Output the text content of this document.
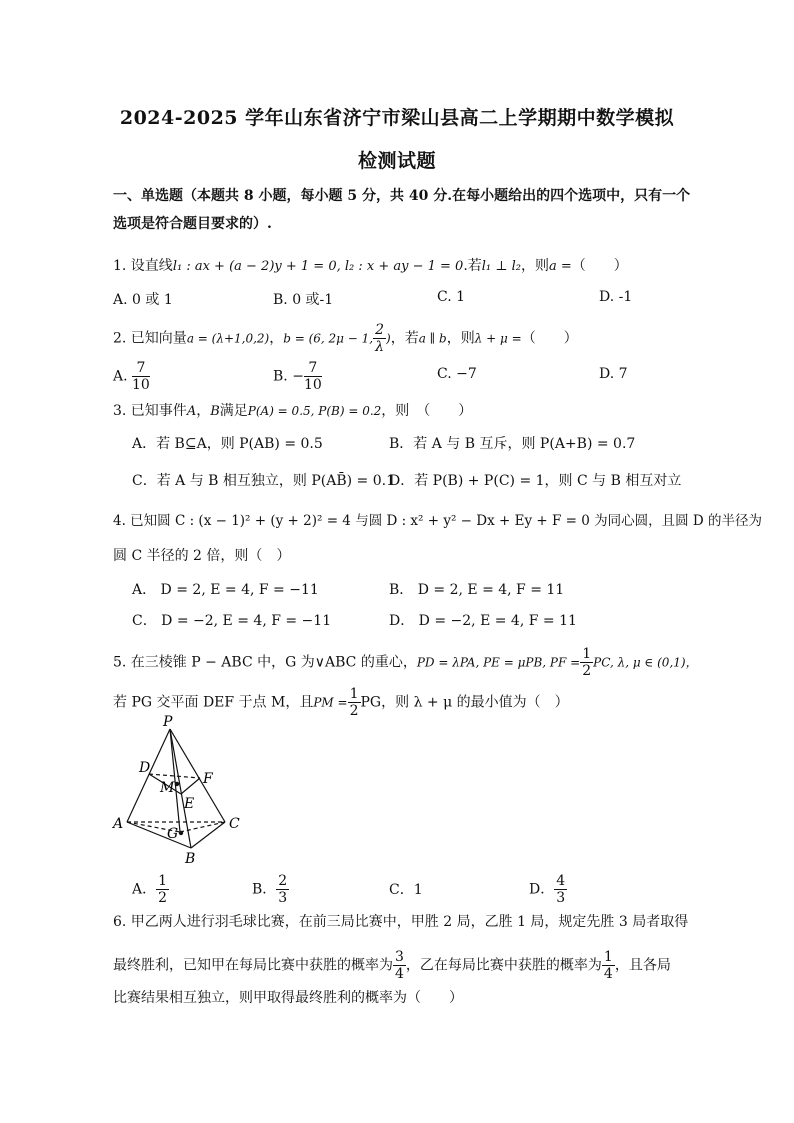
2024-2025 学年山东省济宁市梁山县高二上学期期中数学模拟
检测试题
一、单选题（本题共 8 小题，每小题 5 分，共 40 分.在每小题给出的四个选项中，只有一个
选项是符合题目要求的）.
1. 设直线l₁ : ax + (a − 2)y + 1 = 0, l₂ : x + ay − 1 = 0.若l₁ ⊥ l₂，则a =（　　）
A. 0 或 1	B. 0 或-1	C. 1	D. -1
2. 已知向量a = (λ+1,0,2)，b = (6, 2μ − 1, $\frac{2}{\lambda}$ )，若a ∥ b，则λ + μ =（　　）
A. $\frac{7}{10}$	B. − $\frac{7}{10}$	C. −7	D. 7
3. 已知事件A，B满足P(A) = 0.5, P(B) = 0.2，则　（　　）
A．若 B⊆A，则 P(AB) = 0.5	B．若 A 与 B 互斥，则 P(A+B) = 0.7
C．若 A 与 B 相互独立，则 P(AB̄) = 0.1
D．若 P(B) + P(C) = 1，则 C 与 B 相互对立
4. 已知圆 C : (x − 1)² + (y + 2)² = 4 与圆 D : x² + y² − Dx + Ey + F = 0 为同心圆，且圆 D 的半径为
圆 C 半径的 2 倍，则（　）
A． D = 2, E = 4, F = −11	B． D = 2, E = 4, F = 11
C． D = −2, E = 4, F = −11	D． D = −2, E = 4, F = 11
5. 在三棱锥 P − ABC 中，G 为∨ABC 的重心，PD = λPA, PE = μPB, PF = $\frac{1}{2}$ PC, λ, μ ∈ (0,1)，
若 PG 交平面 DEF 于点 M，且PM = $\frac{1}{2}$ PG，则 λ + μ 的最小值为（　）
P
D
F
M
E
A	C
G
B
A． $\frac{1}{2}$	B． $\frac{2}{3}$	C．1	D． $\frac{4}{3}$
6. 甲乙两人进行羽毛球比赛，在前三局比赛中，甲胜 2 局，乙胜 1 局，规定先胜 3 局者取得
最终胜利，已知甲在每局比赛中获胜的概率为 $\frac{3}{4}$ ，乙在每局比赛中获胜的概率为 $\frac{1}{4}$ ，且各局
比赛结果相互独立，则甲取得最终胜利的概率为（　　）
